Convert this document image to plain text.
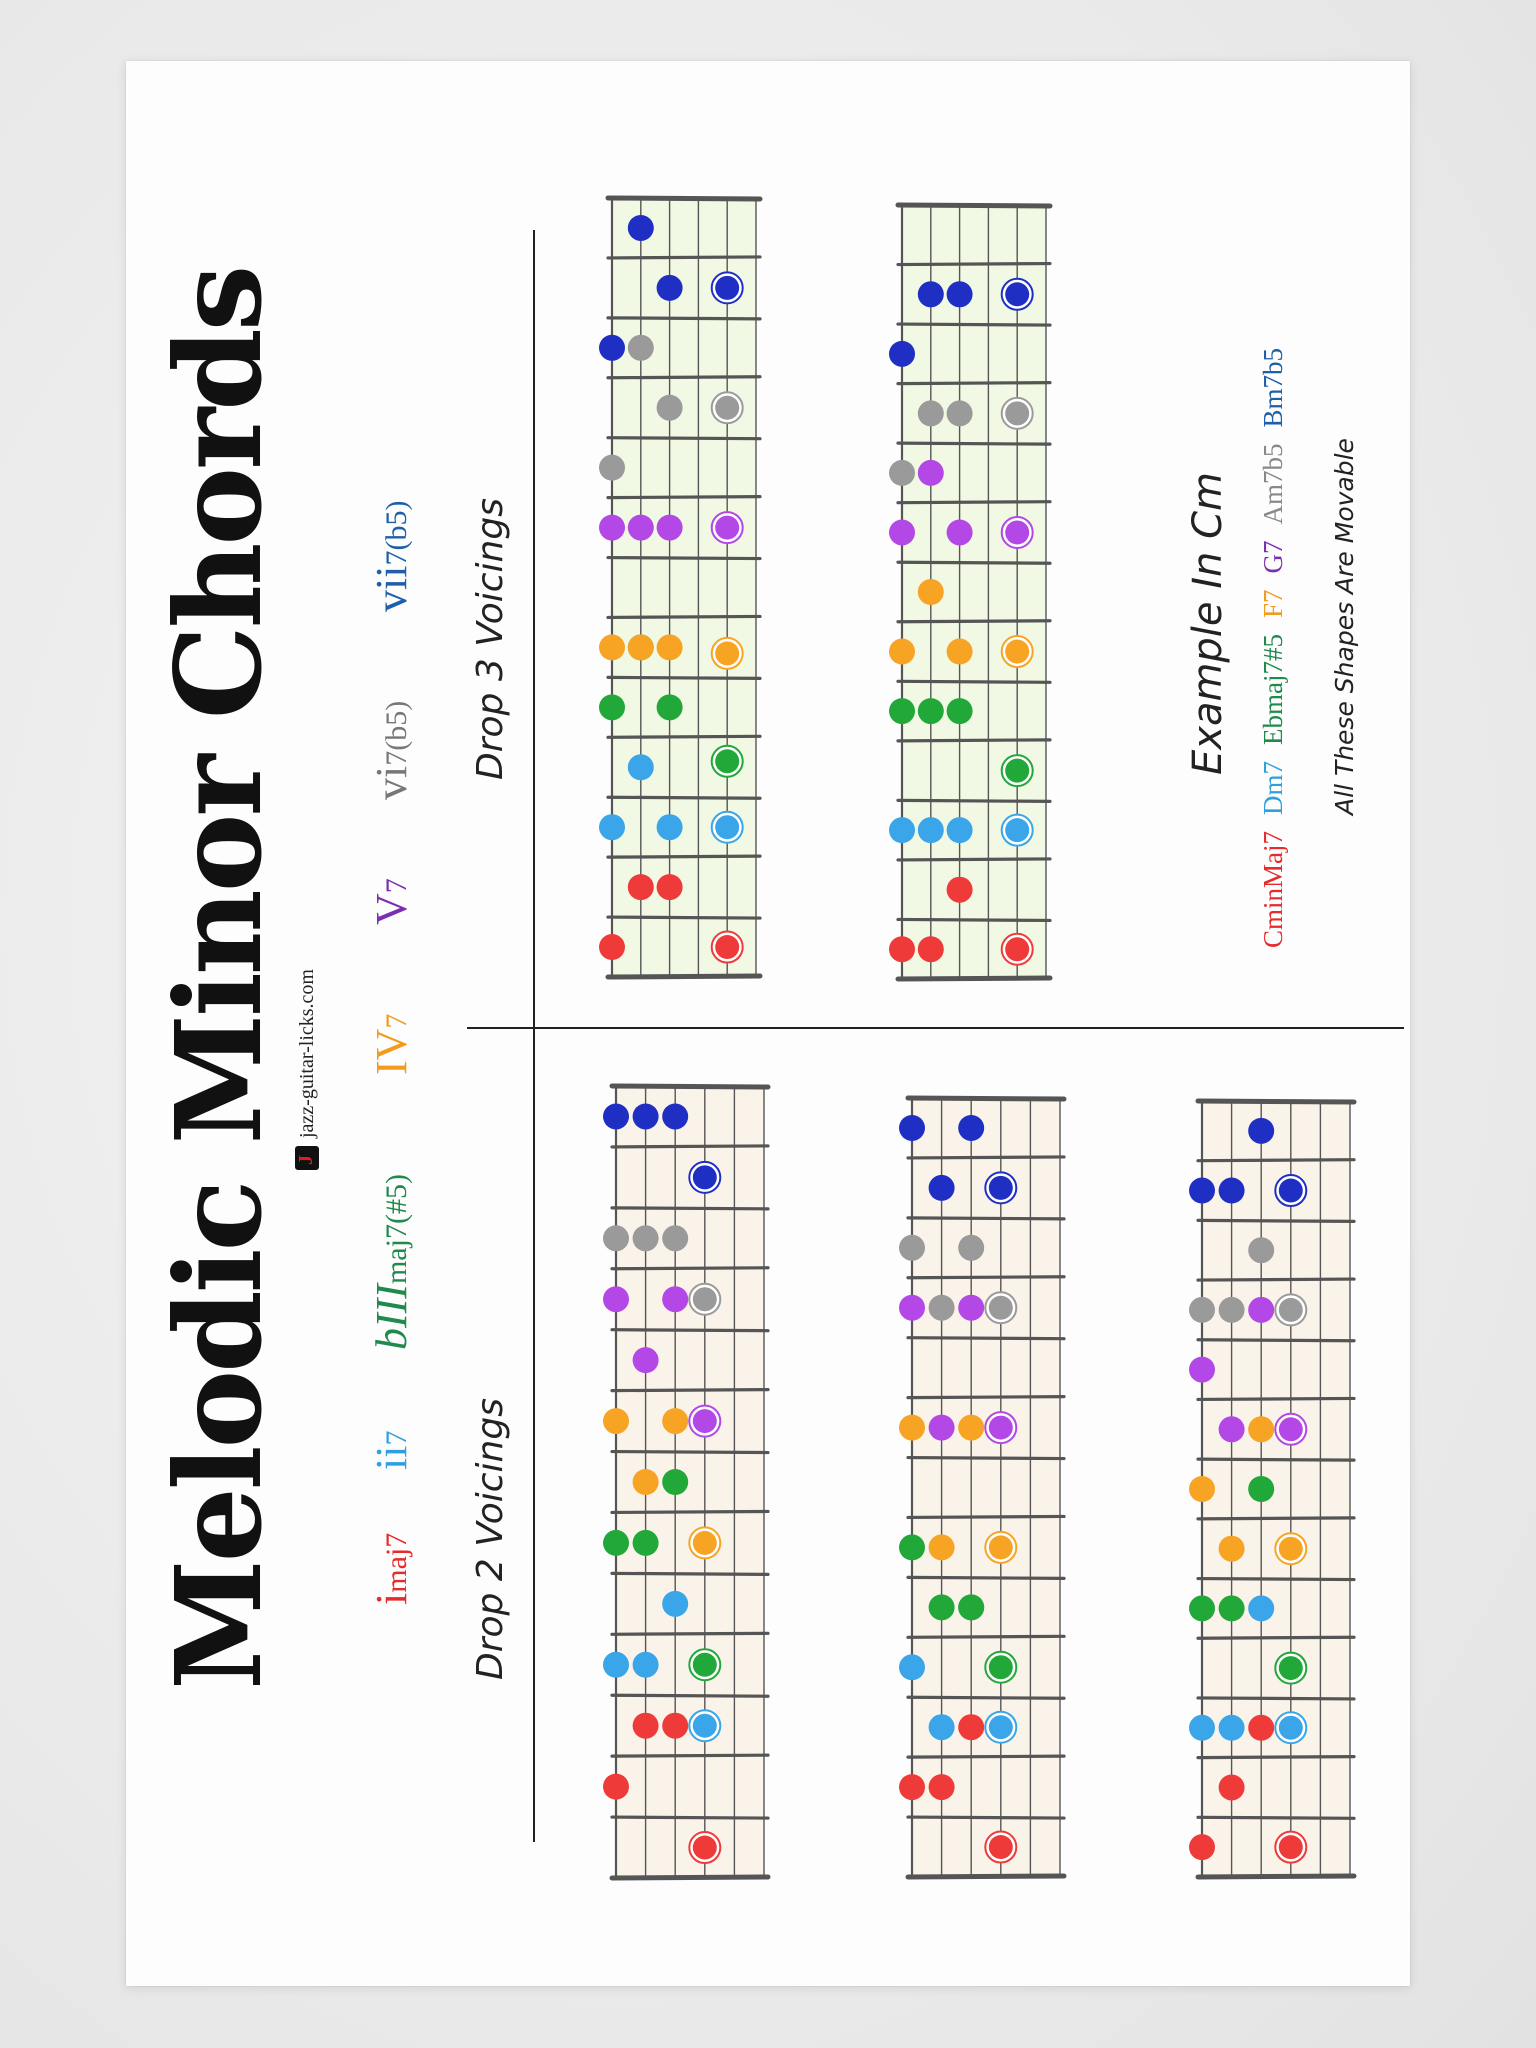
Melodic Minor Chords
J jazz-guitar-licks.com
imaj7
ii7
bIIImaj7(#5)
IV7
V7
vi7(b5)
vii7(b5)
Drop 2 Voicings
Drop 3 Voicings	Example In Cm
CminMaj7
Dm7
Ebmaj7#5
F7
G7
Am7b5
Bm7b5
All These Shapes Are Movable
